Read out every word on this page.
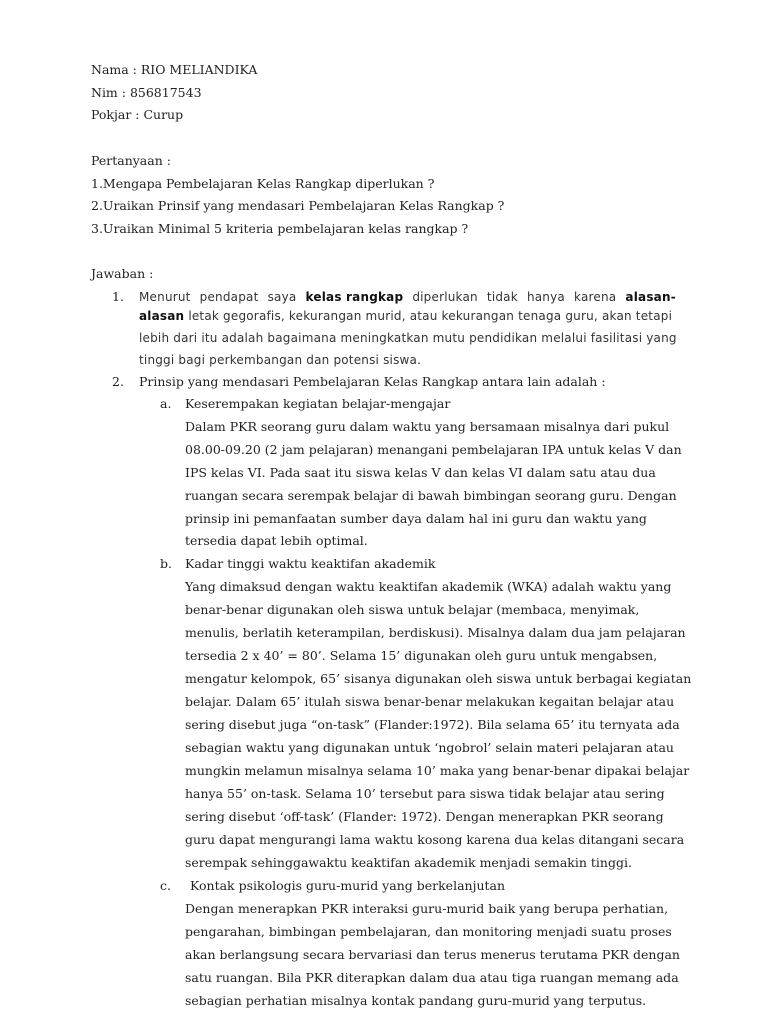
Nama : RIO MELIANDIKA
Nim : 856817543
Pokjar : Curup
Pertanyaan :
1.Mengapa Pembelajaran Kelas Rangkap diperlukan ?
2.Uraikan Prinsif yang mendasari Pembelajaran Kelas Rangkap ?
3.Uraikan Minimal 5 kriteria pembelajaran kelas rangkap ?
Jawaban :
1. Menurut pendapat saya kelas rangkap diperlukan tidak hanya karena alasan-
alasan letak gegorafis, kekurangan murid, atau kekurangan tenaga guru, akan tetapi
lebih dari itu adalah bagaimana meningkatkan mutu pendidikan melalui fasilitasi yang
tinggi bagi perkembangan dan potensi siswa.
2. Prinsip yang mendasari Pembelajaran Kelas Rangkap antara lain adalah :
a. Keserempakan kegiatan belajar-mengajar
Dalam PKR seorang guru dalam waktu yang bersamaan misalnya dari pukul
08.00-09.20 (2 jam pelajaran) menangani pembelajaran IPA untuk kelas V dan
IPS kelas VI. Pada saat itu siswa kelas V dan kelas VI dalam satu atau dua
ruangan secara serempak belajar di bawah bimbingan seorang guru. Dengan
prinsip ini pemanfaatan sumber daya dalam hal ini guru dan waktu yang
tersedia dapat lebih optimal.
b. Kadar tinggi waktu keaktifan akademik
Yang dimaksud dengan waktu keaktifan akademik (WKA) adalah waktu yang
benar-benar digunakan oleh siswa untuk belajar (membaca, menyimak,
menulis, berlatih keterampilan, berdiskusi). Misalnya dalam dua jam pelajaran
tersedia 2 x 40’ = 80’. Selama 15’ digunakan oleh guru untuk mengabsen,
mengatur kelompok, 65’ sisanya digunakan oleh siswa untuk berbagai kegiatan
belajar. Dalam 65’ itulah siswa benar-benar melakukan kegaitan belajar atau
sering disebut juga “on-task” (Flander:1972). Bila selama 65’ itu ternyata ada
sebagian waktu yang digunakan untuk ‘ngobrol’ selain materi pelajaran atau
mungkin melamun misalnya selama 10’ maka yang benar-benar dipakai belajar
hanya 55’ on-task. Selama 10’ tersebut para siswa tidak belajar atau sering
sering disebut ‘off-task’ (Flander: 1972). Dengan menerapkan PKR seorang
guru dapat mengurangi lama waktu kosong karena dua kelas ditangani secara
serempak sehinggawaktu keaktifan akademik menjadi semakin tinggi.
c. Kontak psikologis guru-murid yang berkelanjutan
Dengan menerapkan PKR interaksi guru-murid baik yang berupa perhatian,
pengarahan, bimbingan pembelajaran, dan monitoring menjadi suatu proses
akan berlangsung secara bervariasi dan terus menerus terutama PKR dengan
satu ruangan. Bila PKR diterapkan dalam dua atau tiga ruangan memang ada
sebagian perhatian misalnya kontak pandang guru-murid yang terputus.
